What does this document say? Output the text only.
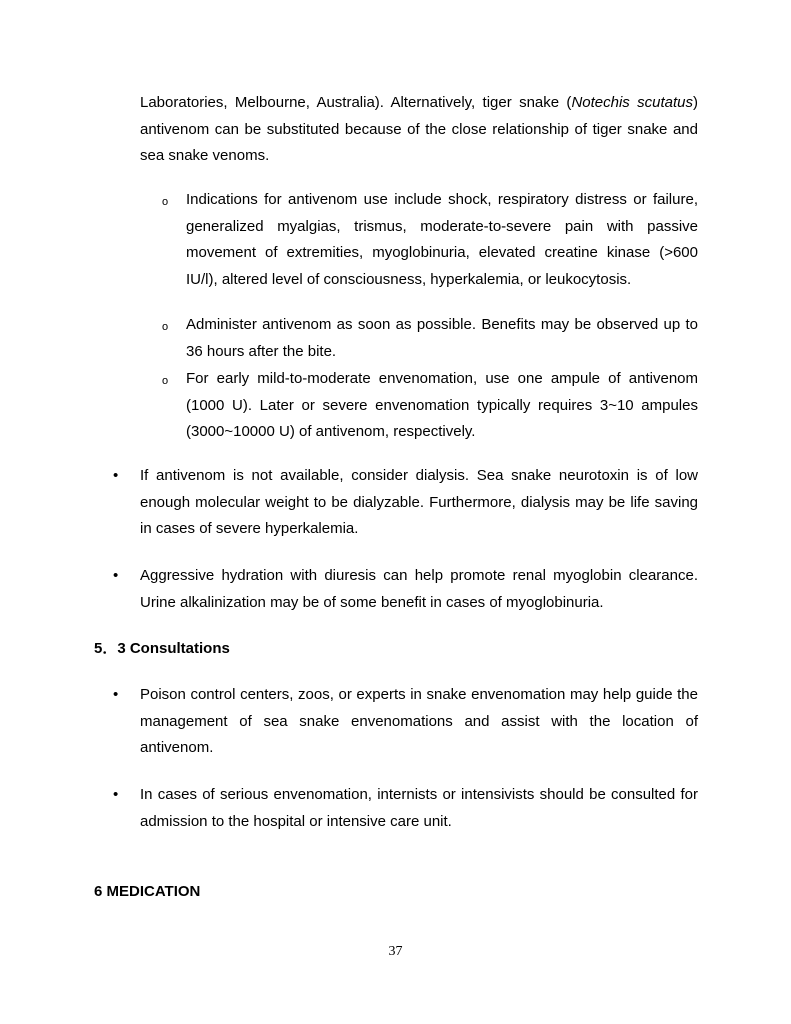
Laboratories, Melbourne, Australia). Alternatively, tiger snake (Notechis scutatus) antivenom can be substituted because of the close relationship of tiger snake and sea snake venoms.

o Indications for antivenom use include shock, respiratory distress or failure, generalized myalgias, trismus, moderate-to-severe pain with passive movement of extremities, myoglobinuria, elevated creatine kinase (>600 IU/l), altered level of consciousness, hyperkalemia, or leukocytosis.

o Administer antivenom as soon as possible. Benefits may be observed up to 36 hours after the bite.

o For early mild-to-moderate envenomation, use one ampule of antivenom (1000 U). Later or severe envenomation typically requires 3~10 ampules (3000~10000 U) of antivenom, respectively.

• If antivenom is not available, consider dialysis. Sea snake neurotoxin is of low enough molecular weight to be dialyzable. Furthermore, dialysis may be life saving in cases of severe hyperkalemia.

• Aggressive hydration with diuresis can help promote renal myoglobin clearance. Urine alkalinization may be of some benefit in cases of myoglobinuria.

5．3 Consultations

• Poison control centers, zoos, or experts in snake envenomation may help guide the management of sea snake envenomations and assist with the location of antivenom.

• In cases of serious envenomation, internists or intensivists should be consulted for admission to the hospital or intensive care unit.

6 MEDICATION

37
